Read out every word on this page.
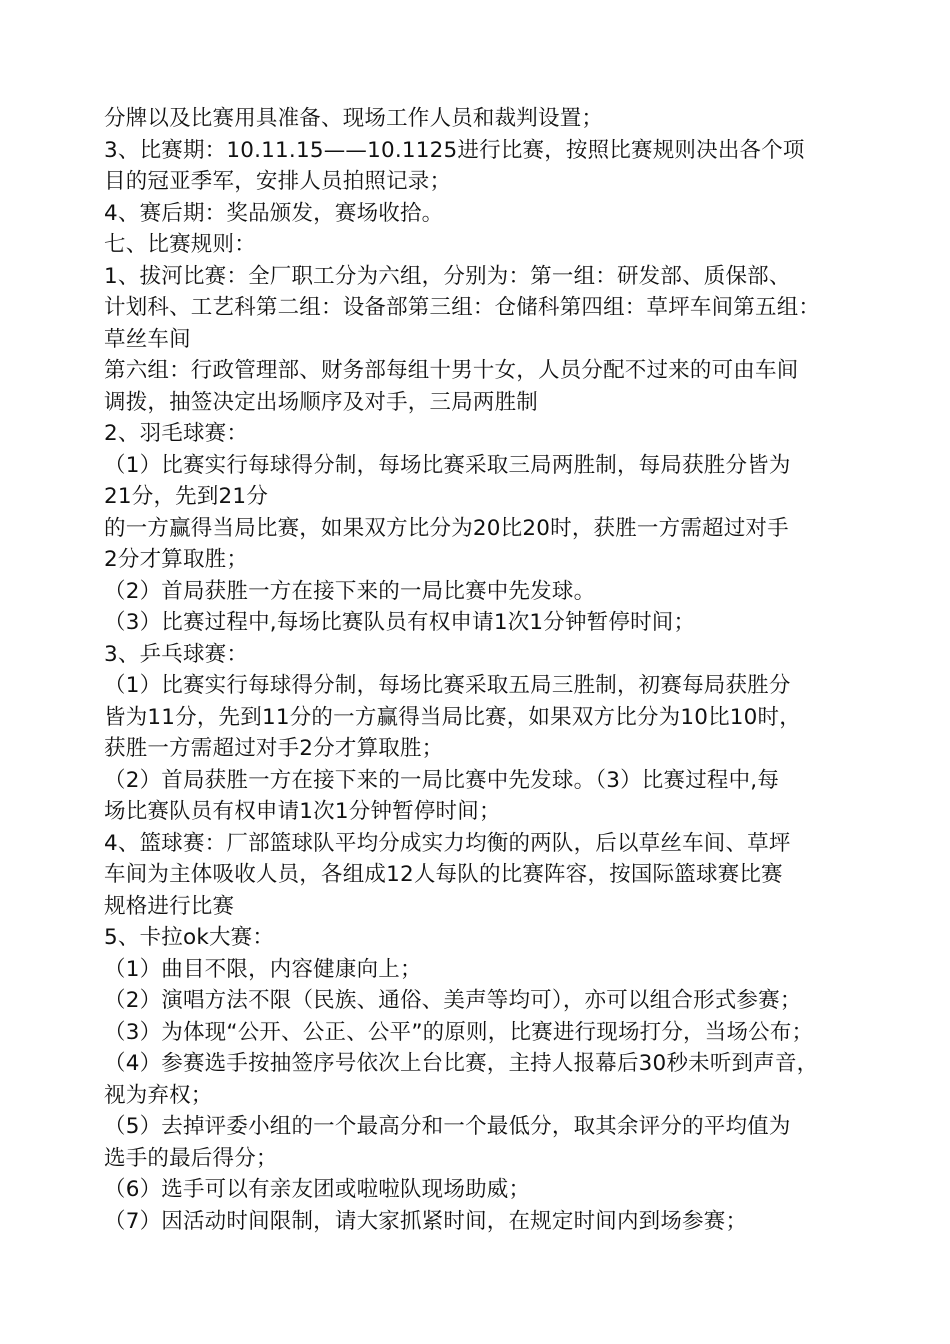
分牌以及比赛用具准备、现场工作人员和裁判设置；
3、比赛期：10.11.15——10.1125进行比赛，按照比赛规则决出各个项
目的冠亚季军，安排人员拍照记录；
4、赛后期：奖品颁发，赛场收拾。
七、比赛规则：
1、拔河比赛：全厂职工分为六组，分别为：第一组：研发部、质保部、
计划科、工艺科第二组：设备部第三组：仓储科第四组：草坪车间第五组：
草丝车间
第六组：行政管理部、财务部每组十男十女，人员分配不过来的可由车间
调拨，抽签决定出场顺序及对手，三局两胜制
2、羽毛球赛：
（1）比赛实行每球得分制，每场比赛采取三局两胜制，每局获胜分皆为
21分，先到21分
的一方赢得当局比赛，如果双方比分为20比20时，获胜一方需超过对手
2分才算取胜；
（2）首局获胜一方在接下来的一局比赛中先发球。
（3）比赛过程中,每场比赛队员有权申请1次1分钟暂停时间；
3、乒乓球赛：
（1）比赛实行每球得分制，每场比赛采取五局三胜制，初赛每局获胜分
皆为11分，先到11分的一方赢得当局比赛，如果双方比分为10比10时，
获胜一方需超过对手2分才算取胜；
（2）首局获胜一方在接下来的一局比赛中先发球。（3）比赛过程中,每
场比赛队员有权申请1次1分钟暂停时间；
4、篮球赛：厂部篮球队平均分成实力均衡的两队，后以草丝车间、草坪
车间为主体吸收人员，各组成12人每队的比赛阵容，按国际篮球赛比赛
规格进行比赛
5、卡拉ok大赛：
（1）曲目不限，内容健康向上；
（2）演唱方法不限（民族、通俗、美声等均可），亦可以组合形式参赛；
（3）为体现“公开、公正、公平”的原则，比赛进行现场打分，当场公布；
（4）参赛选手按抽签序号依次上台比赛，主持人报幕后30秒未听到声音，
视为弃权；
（5）去掉评委小组的一个最高分和一个最低分，取其余评分的平均值为
选手的最后得分；
（6）选手可以有亲友团或啦啦队现场助威；
（7）因活动时间限制，请大家抓紧时间，在规定时间内到场参赛；
